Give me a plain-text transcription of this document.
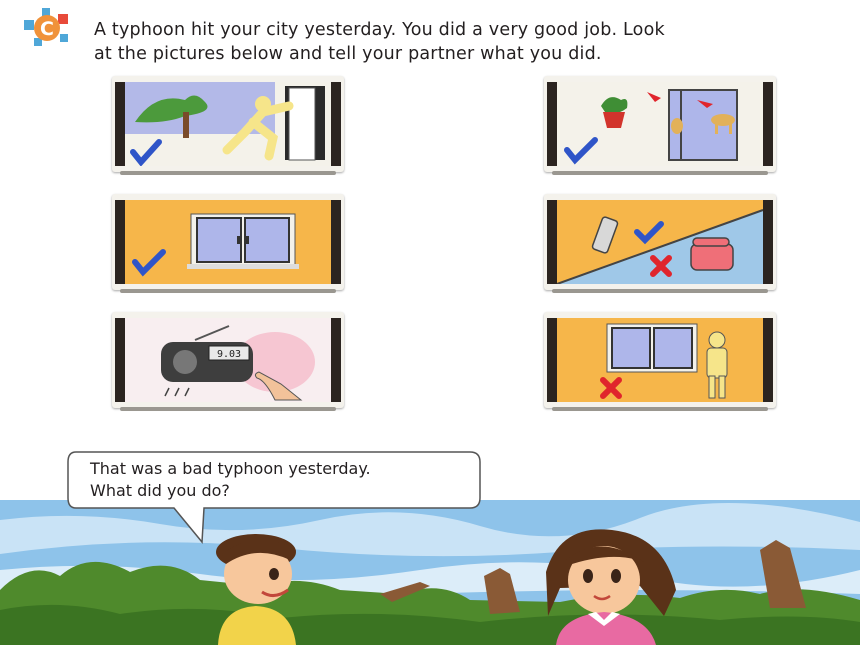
C A typhoon hit your city yesterday. You did a very good job. Look
at the pictures below and tell your partner what you did.
9.03
That was a bad typhoon yesterday.
What did you do?
